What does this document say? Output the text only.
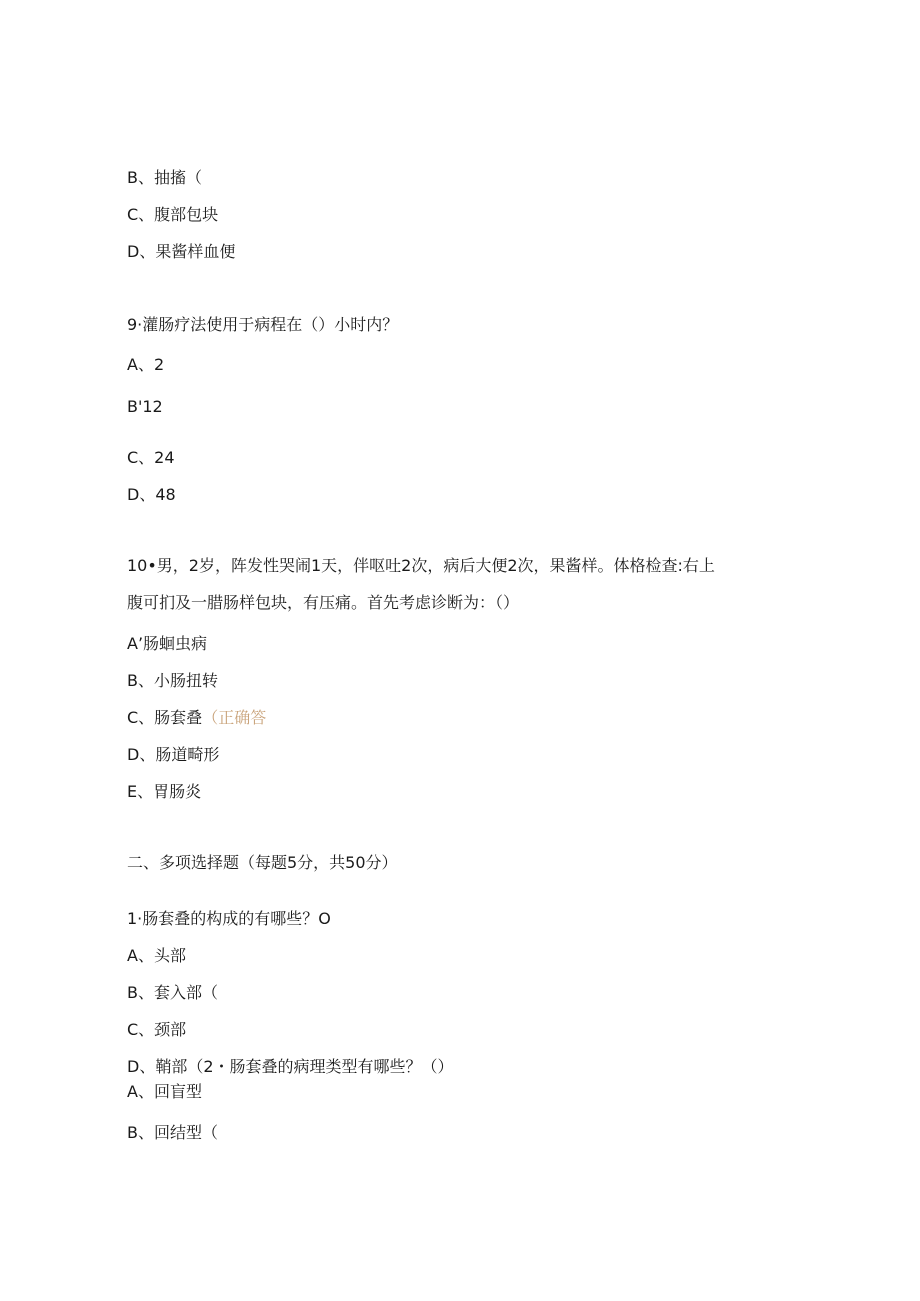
B、抽搐（
C、腹部包块
D、果酱样血便
9·灌肠疗法使用于病程在（）小时内？
A、2
B'12
C、24
D、48
10•男，2岁，阵发性哭闹1天，伴呕吐2次，病后大便2次，果酱样。体格检查:右上
腹可扪及一腊肠样包块，有压痛。首先考虑诊断为：（）
A’肠蛔虫病
B、小肠扭转
C、肠套叠（正确答
D、肠道畸形
E、胃肠炎
二、多项选择题（每题5分，共50分）
1·肠套叠的构成的有哪些？O
A、头部
B、套入部（
C、颈部
D、鞘部（2・肠套叠的病理类型有哪些？（）
A、回盲型
B、回结型（
